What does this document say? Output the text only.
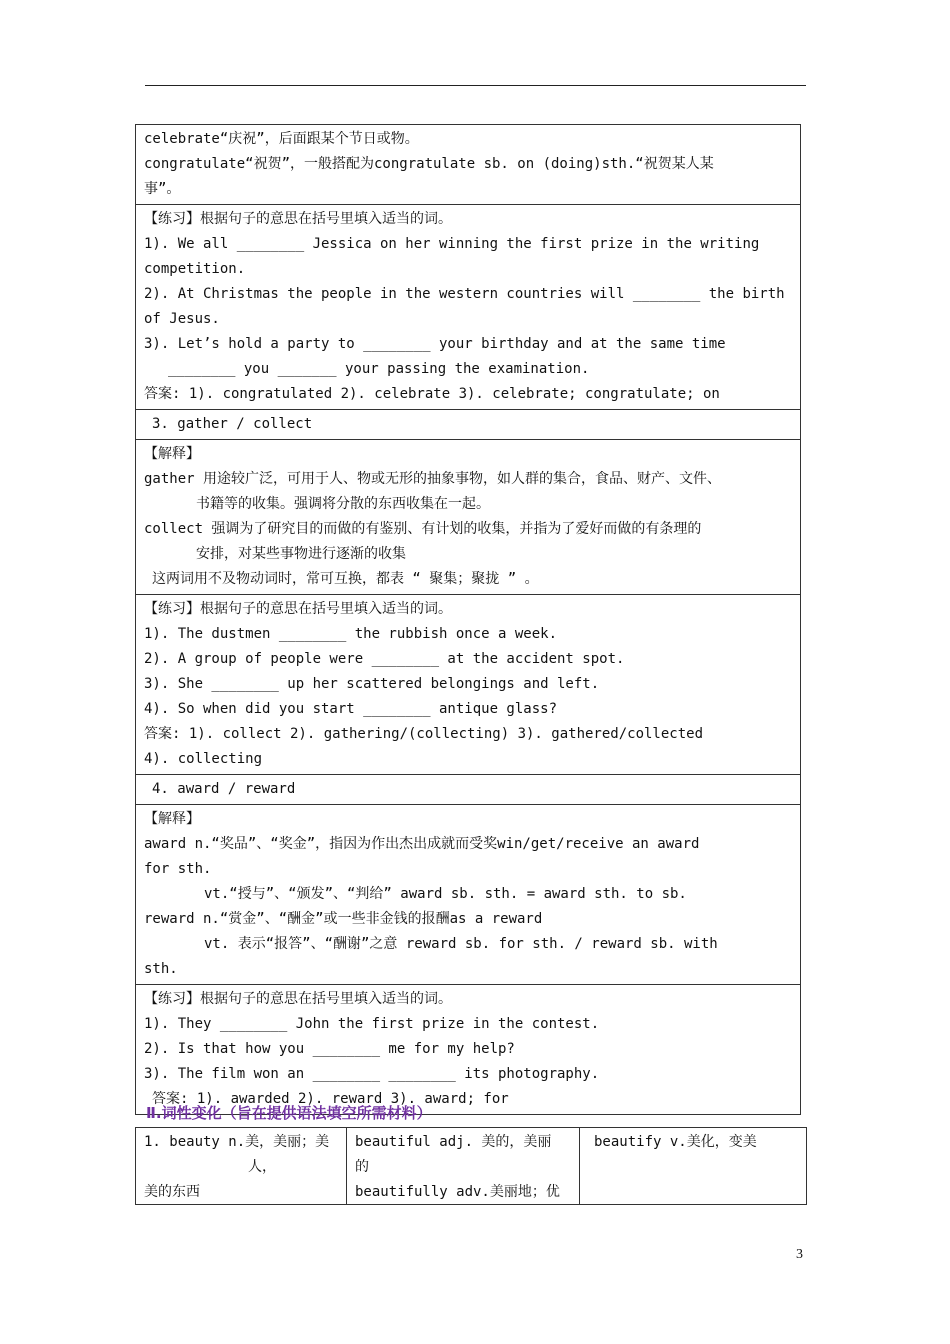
celebrate“庆祝”，后面跟某个节日或物。
congratulate“祝贺”，一般搭配为congratulate sb. on (doing)sth.“祝贺某人某
事”。
【练习】根据句子的意思在括号里填入适当的词。
1). We all ________ Jessica on her winning the first prize in the writing
competition.
2). At Christmas the people in the western countries will ________ the birth
of Jesus.
3). Let’s hold a party to ________ your birthday and at the same time
________ you _______ your passing the examination.
答案: 1). congratulated 2). celebrate 3). celebrate; congratulate; on
3. gather / collect
【解释】
gather 用途较广泛，可用于人、物或无形的抽象事物，如人群的集合，食品、财产、文件、
书籍等的收集。强调将分散的东西收集在一起。
collect 强调为了研究目的而做的有鉴别、有计划的收集，并指为了爱好而做的有条理的
安排，对某些事物进行逐渐的收集
这两词用不及物动词时，常可互换，都表 “ 聚集；聚拢 ” 。
【练习】根据句子的意思在括号里填入适当的词。
1). The dustmen ________ the rubbish once a week.
2). A group of people were ________ at the accident spot.
3). She ________ up her scattered belongings and left.
4). So when did you start ________ antique glass?
答案: 1). collect 2). gathering/(collecting) 3). gathered/collected
4). collecting
4. award / reward
【解释】
award n.“奖品”、“奖金”，指因为作出杰出成就而受奖win/get/receive an award
for sth.
vt.“授与”、“颁发”、“判给” award sb. sth. = award sth. to sb.
reward n.“赏金”、“酬金”或一些非金钱的报酬as a reward
vt. 表示“报答”、“酬谢”之意 reward sb. for sth. / reward sb. with
sth.
【练习】根据句子的意思在括号里填入适当的词。
1). They ________ John the first prize in the contest.
2). Is that how you ________ me for my help?
3). The film won an ________ ________ its photography.
答案: 1). awarded 2). reward 3). award; for
Ⅱ.词性变化（旨在提供语法填空所需材料）
1. beauty n.美，美丽；美
人，
美的东西
beautiful adj. 美的，美丽
的
beautifully adv.美丽地；优
beautify v.美化，变美
3
